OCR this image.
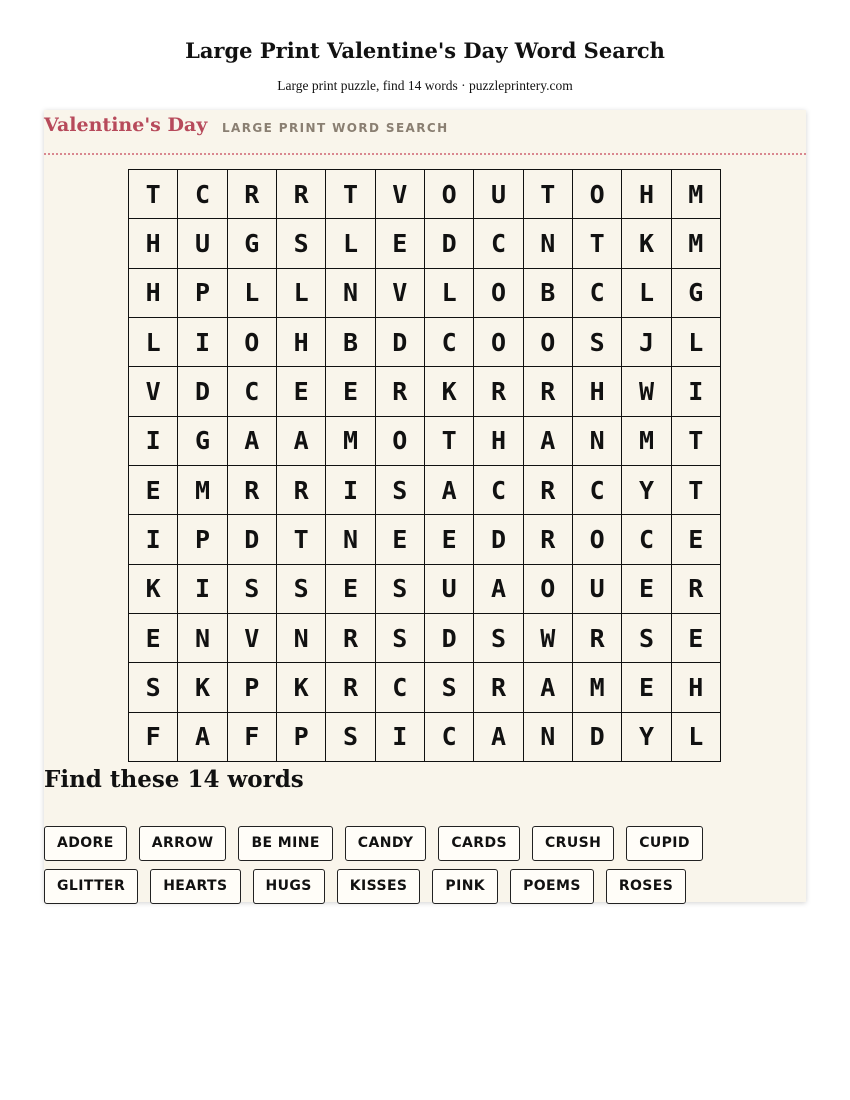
Large Print Valentine's Day Word Search
Large print puzzle, find 14 words · puzzleprintery.com
Valentine's Day LARGE PRINT WORD SEARCH
T	C	R	R	T	V	O	U	T	O	H	M
H	U	G	S	L	E	D	C	N	T	K	M
H	P	L	L	N	V	L	O	B	C	L	G
L	I	O	H	B	D	C	O	O	S	J	L
V	D	C	E	E	R	K	R	R	H	W	I
I	G	A	A	M	O	T	H	A	N	M	T
E	M	R	R	I	S	A	C	R	C	Y	T
I	P	D	T	N	E	E	D	R	O	C	E
K	I	S	S	E	S	U	A	O	U	E	R
E	N	V	N	R	S	D	S	W	R	S	E
S	K	P	K	R	C	S	R	A	M	E	H
F	A	F	P	S	I	C	A	N	D	Y	L
Find these 14 words
ADORE	ARROW	BE MINE	CANDY	CARDS	CRUSH	CUPID
GLITTER	HEARTS	HUGS	KISSES	PINK	POEMS	ROSES
